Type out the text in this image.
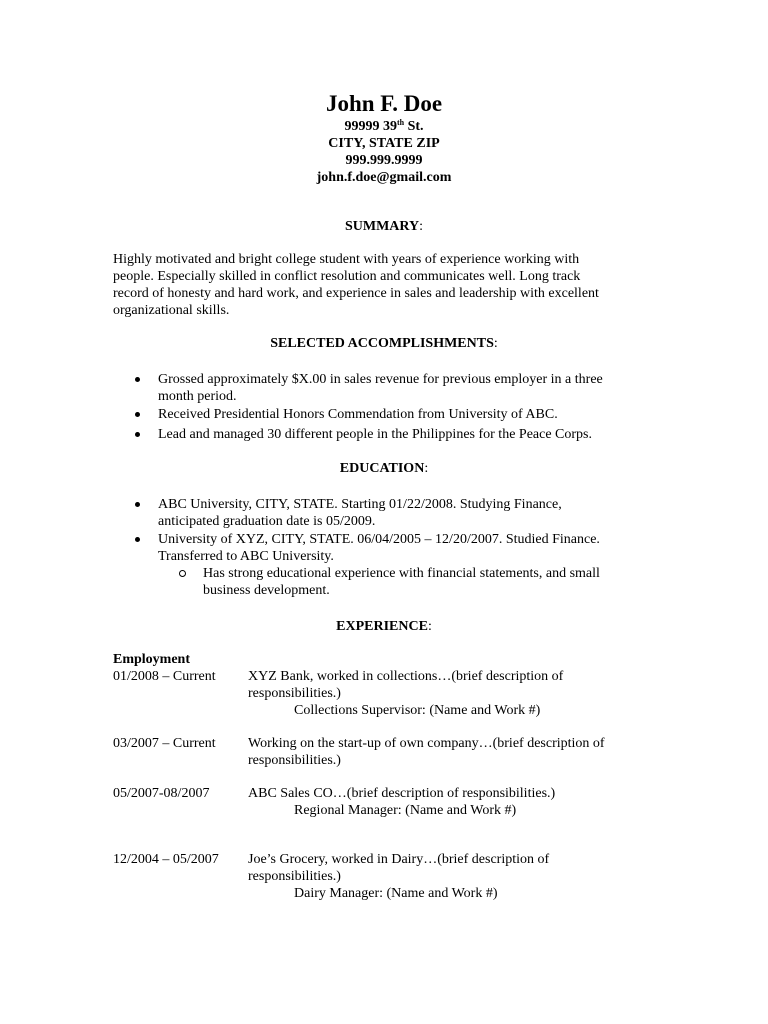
John F. Doe
99999 39th St.
CITY, STATE ZIP
999.999.9999
john.f.doe@gmail.com
SUMMARY:
Highly motivated and bright college student with years of experience working with
people. Especially skilled in conflict resolution and communicates well. Long track
record of honesty and hard work, and experience in sales and leadership with excellent
organizational skills.
SELECTED ACCOMPLISHMENTS:
Grossed approximately $X.00 in sales revenue for previous employer in a three
month period.
Received Presidential Honors Commendation from University of ABC.
Lead and managed 30 different people in the Philippines for the Peace Corps.
EDUCATION:
ABC University, CITY, STATE. Starting 01/22/2008. Studying Finance,
anticipated graduation date is 05/2009.
University of XYZ, CITY, STATE. 06/04/2005 – 12/20/2007. Studied Finance.
Transferred to ABC University.
Has strong educational experience with financial statements, and small
business development.
EXPERIENCE:
Employment
01/2008 – Current XYZ Bank, worked in collections…(brief description of
responsibilities.)
Collections Supervisor: (Name and Work #)
03/2007 – Current Working on the start-up of own company…(brief description of
responsibilities.)
05/2007-08/2007	ABC Sales CO…(brief description of responsibilities.)
Regional Manager: (Name and Work #)
12/2004 – 05/2007 Joe’s Grocery, worked in Dairy…(brief description of
responsibilities.)
Dairy Manager: (Name and Work #)
